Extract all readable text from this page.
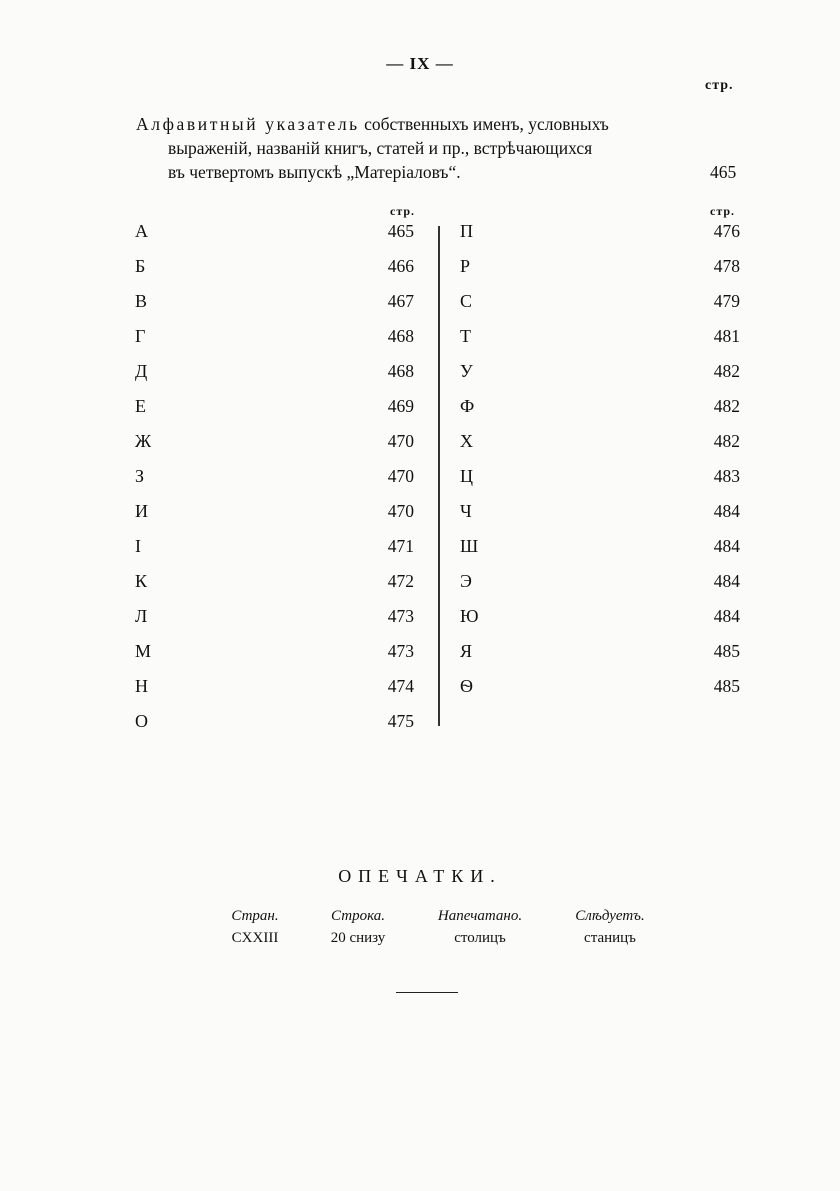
— IX —
стр.
Алфавитный указатель собственныхъ именъ, условныхъ
выраженій, названій книгъ, статей и пр., встрѣчающихся
въ четвертомъ выпускѣ „Матеріаловъ“.	465
стр.	стр.
А	465
Б	466
В	467
Г	468
Д	468
Е	469
Ж	470
З	470
И	470
I	471
К	472
Л	473
М	473
Н	474
О	475
П	476
Р	478
С	479
Т	481
У	482
Ф	482
Х	482
Ц	483
Ч	484
Ш	484
Э	484
Ю	484
Я	485
Ѳ	485
ОПЕЧАТКИ.
Стран.	Строка.	Напечатано.	Слѣдуетъ.
CXXIII	20 снизу	столицъ	станицъ
